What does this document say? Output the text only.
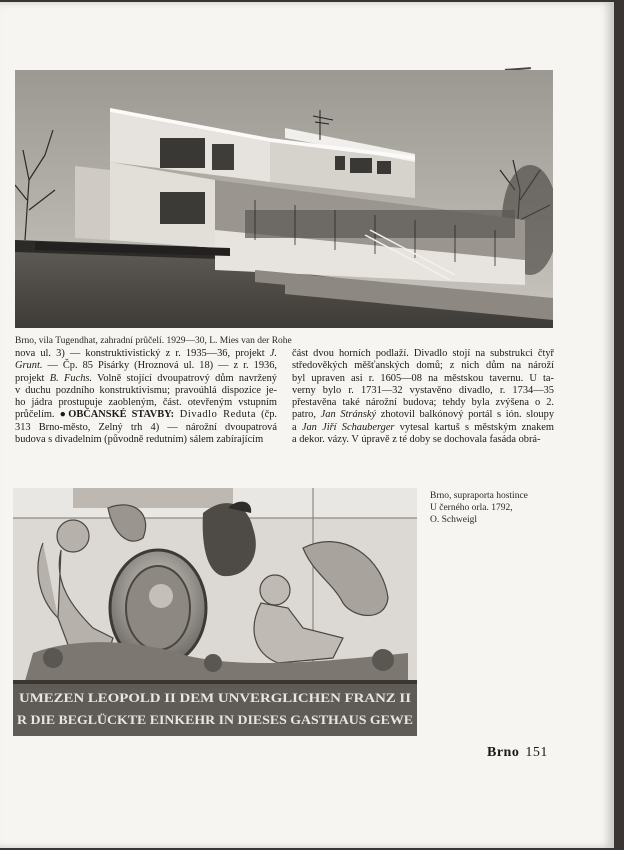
Brno, vila Tugendhat, zahradní průčelí. 1929—30, L. Mies van der Rohe
nova ul. 3) — konstruktivistický z r. 1935—36, projekt J.
Grunt. — Čp. 85 Pisárky (Hroznová ul. 18) — z r. 1936,
projekt B. Fuchs. Volně stojící dvoupatrový dům navržený
v duchu pozdního konstruktivismu; pravoúhlá dispozice je-
ho jádra prostupuje zaobleným, část. otevřeným vstupním
průčelím. ●OBČANSKÉ STAVBY: Divadlo Reduta (čp.
313 Brno-město, Zelný trh 4) — nárožní dvoupatrová
budova s divadelním (původně redutním) sálem zabírajícím
část dvou horních podlaží. Divadlo stojí na substrukci čtyř
středověkých měšťanských domů; z nich dům na nároží
byl upraven asi r. 1605—08 na městskou tavernu. U ta-
verny bylo r. 1731—32 vystavěno divadlo, r. 1734—35
přestavěna také nárožní budova; tehdy byla zvýšena o 2.
patro, Jan Stránský zhotovil balkónový portál s ión. sloupy
a Jan Jiří Schauberger vytesal kartuš s městským znakem
a dekor. vázy. V úpravě z té doby se dochovala fasáda obrá-
UMEZEN LEOPOLD II DEM UNVERGLICHEN FRANZ II
R DIE BEGLÜCKTE EINKEHR IN DIESES GASTHAUS GEWE
Brno, supraporta hostince
U černého orla. 1792,
O. Schweigl
Brno 151
